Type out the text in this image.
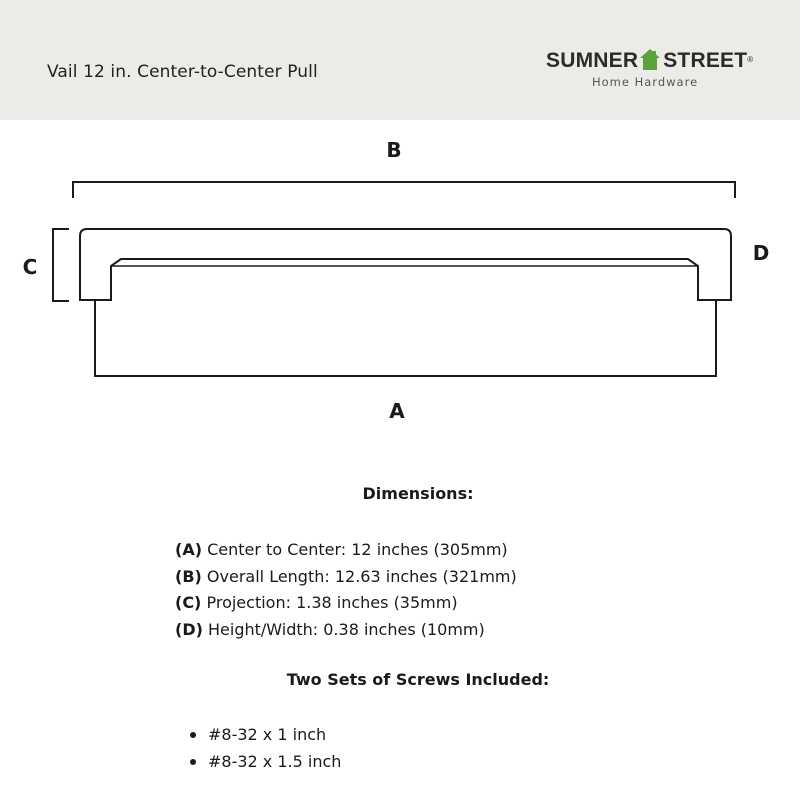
Vail 12 in. Center-to-Center Pull	SUMNER STREET®
Home Hardware
B
C
D
A
Dimensions:
(A) Center to Center: 12 inches (305mm)
(B) Overall Length: 12.63 inches (321mm)
(C) Projection: 1.38 inches (35mm)
(D) Height/Width: 0.38 inches (10mm)
Two Sets of Screws Included:
#8-32 x 1 inch
#8-32 x 1.5 inch
